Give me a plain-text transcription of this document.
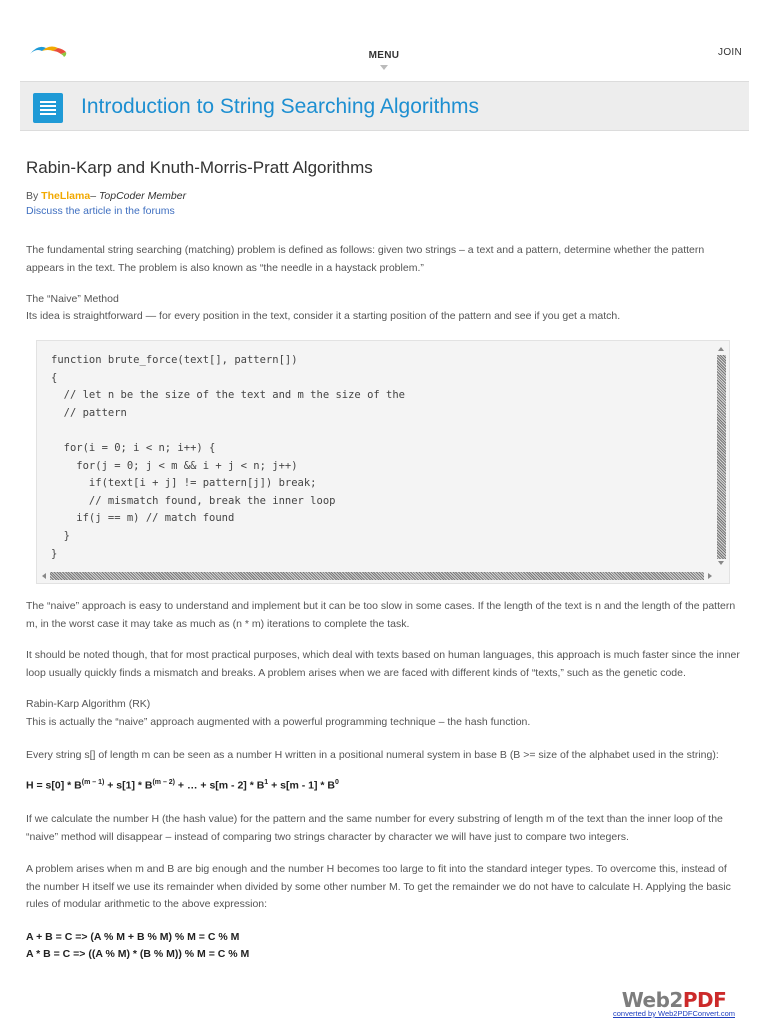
MENU	JOIN
Introduction to String Searching Algorithms
Rabin-Karp and Knuth-Morris-Pratt Algorithms
By TheLlama– TopCoder Member
Discuss the article in the forums

The fundamental string searching (matching) problem is defined as follows: given two strings – a text and a pattern, determine whether the pattern appears in the text. The problem is also known as “the needle in a haystack problem.”

The “Naive” Method

Its idea is straightforward — for every position in the text, consider it a starting position of the pattern and see if you get a match.

function brute_force(text[], pattern[])
{
// let n be the size of the text and m the size of the
// pattern

for(i = 0; i < n; i++) {
for(j = 0; j < m && i + j < n; j++)
if(text[i + j] != pattern[j]) break;
// mismatch found, break the inner loop
if(j == m) // match found
}
}

The “naive” approach is easy to understand and implement but it can be too slow in some cases. If the length of the text is n and the length of the pattern m, in the worst case it may take as much as (n * m) iterations to complete the task.

It should be noted though, that for most practical purposes, which deal with texts based on human languages, this approach is much faster since the inner loop usually quickly finds a mismatch and breaks. A problem arises when we are faced with different kinds of “texts,” such as the genetic code.

Rabin-Karp Algorithm (RK)

This is actually the “naive” approach augmented with a powerful programming technique – the hash function.

Every string s[] of length m can be seen as a number H written in a positional numeral system in base B (B >= size of the alphabet used in the string):

$H = s[0] * B^{(m - 1)} + s[1] * B^{(m - 2)}$ + … + $s[m - 2] * B^1 + s[m - 1] * B^0$

If we calculate the number H (the hash value) for the pattern and the same number for every substring of length m of the text than the inner loop of the “naive” method will disappear – instead of comparing two strings character by character we will have just to compare two integers.

A problem arises when m and B are big enough and the number H becomes too large to fit into the standard integer types. To overcome this, instead of the number H itself we use its remainder when divided by some other number M. To get the remainder we do not have to calculate H. Applying the basic rules of modular arithmetic to the above expression:

A + B = C => (A % M + B % M) % M = C % M
A * B = C => ((A % M) * (B % M)) % M = C % M
Web2PDF
converted by Web2PDFConvert.com
